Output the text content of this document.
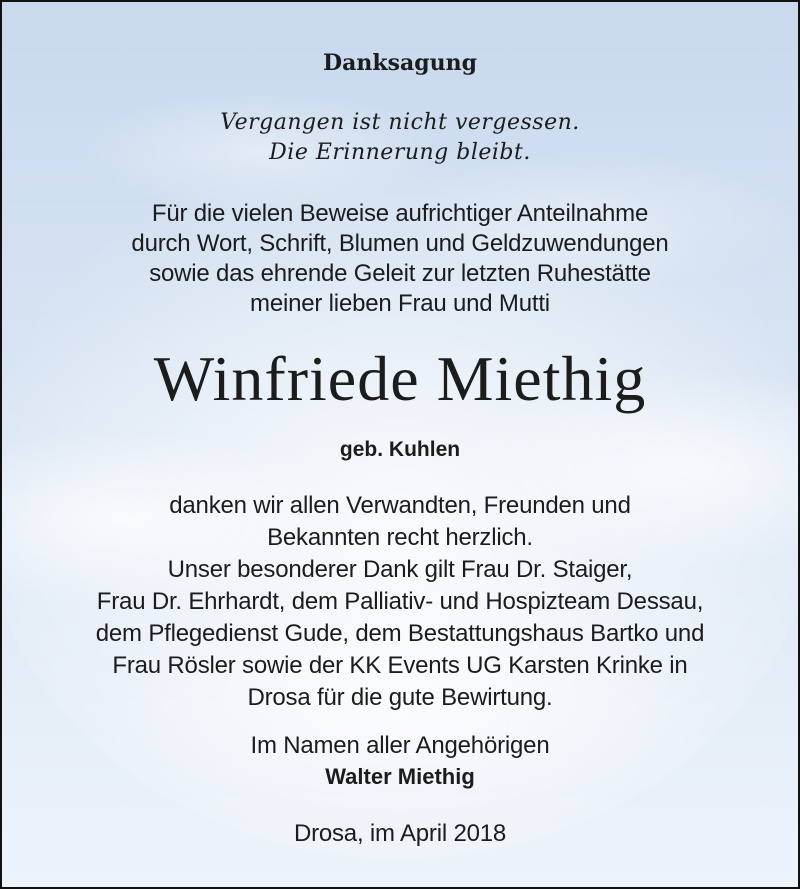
Danksagung
Vergangen ist nicht vergessen.
Die Erinnerung bleibt.
Für die vielen Beweise aufrichtiger Anteilnahme
durch Wort, Schrift, Blumen und Geldzuwendungen
sowie das ehrende Geleit zur letzten Ruhestätte
meiner lieben Frau und Mutti
Winfriede Miethig
geb. Kuhlen
danken wir allen Verwandten, Freunden und
Bekannten recht herzlich.
Unser besonderer Dank gilt Frau Dr. Staiger,
Frau Dr. Ehrhardt, dem Palliativ- und Hospizteam Dessau,
dem Pflegedienst Gude, dem Bestattungshaus Bartko und
Frau Rösler sowie der KK Events UG Karsten Krinke in
Drosa für die gute Bewirtung.
Im Namen aller Angehörigen
Walter Miethig
Drosa, im April 2018
